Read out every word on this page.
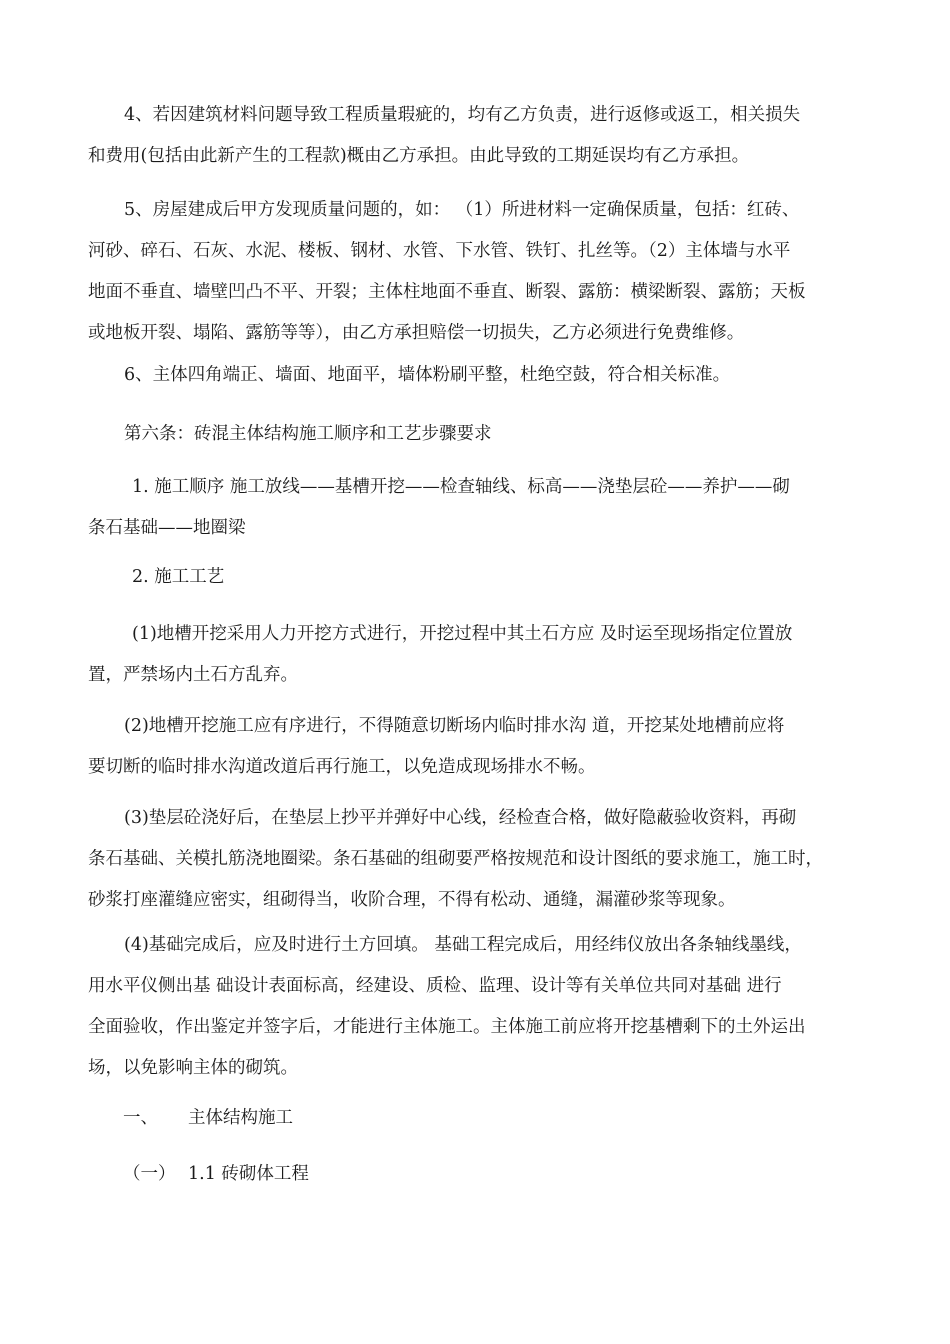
4、若因建筑材料问题导致工程质量瑕疵的，均有乙方负责，进行返修或返工，相关损失
和费用(包括由此新产生的工程款)概由乙方承担。由此导致的工期延误均有乙方承担。
5、房屋建成后甲方发现质量问题的，如： （1）所进材料一定确保质量，包括：红砖、
河砂、碎石、石灰、水泥、楼板、钢材、水管、下水管、铁钉、扎丝等。（2）主体墙与水平
地面不垂直、墙壁凹凸不平、开裂；主体柱地面不垂直、断裂、露筋：横梁断裂、露筋；天板
或地板开裂、塌陷、露筋等等），由乙方承担赔偿一切损失，乙方必须进行免费维修。
6、主体四角端正、墙面、地面平，墙体粉刷平整，杜绝空鼓，符合相关标准。
第六条：砖混主体结构施工顺序和工艺步骤要求
1. 施工顺序 施工放线——基槽开挖——检查轴线、标高——浇垫层砼——养护——砌
条石基础——地圈梁
2. 施工工艺
(1)地槽开挖采用人力开挖方式进行，开挖过程中其土石方应 及时运至现场指定位置放
置，严禁场内土石方乱弃。
(2)地槽开挖施工应有序进行，不得随意切断场内临时排水沟 道，开挖某处地槽前应将
要切断的临时排水沟道改道后再行施工，以免造成现场排水不畅。
(3)垫层砼浇好后，在垫层上抄平并弹好中心线，经检查合格，做好隐蔽验收资料，再砌
条石基础、关模扎筋浇地圈梁。条石基础的组砌要严格按规范和设计图纸的要求施工，施工时，
砂浆打座灌缝应密实，组砌得当，收阶合理，不得有松动、通缝，漏灌砂浆等现象。
(4)基础完成后，应及时进行土方回填。 基础工程完成后，用经纬仪放出各条轴线墨线，
用水平仪侧出基 础设计表面标高，经建设、质检、监理、设计等有关单位共同对基础 进行
全面验收，作出鉴定并签字后，才能进行主体施工。主体施工前应将开挖基槽剩下的土外运出
场，以免影响主体的砌筑。
一、 主体结构施工
（一） 1.1 砖砌体工程
